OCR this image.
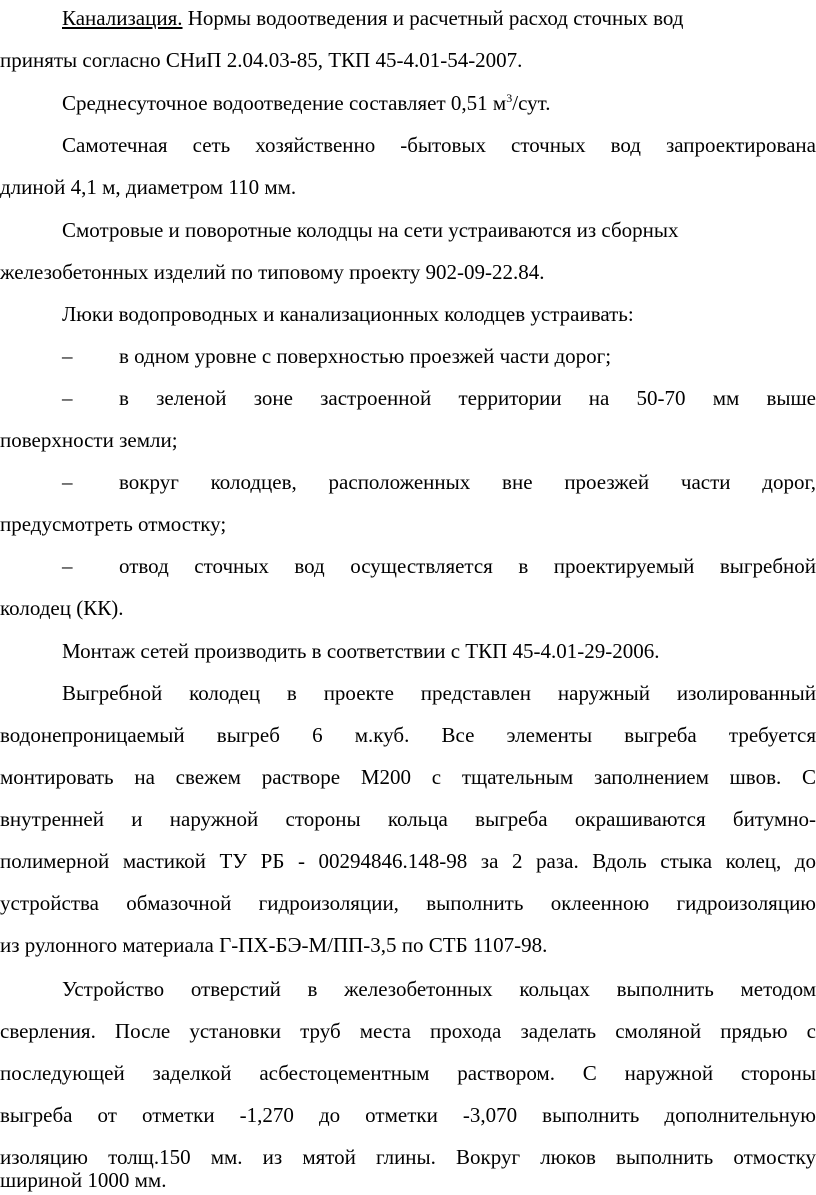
Канализация. Нормы водоотведения и расчетный расход сточных вод
приняты согласно СНиП 2.04.03-85, ТКП 45-4.01-54-2007.
Среднесуточное водоотведение составляет 0,51 $м^3$/сут.
Самотечная сеть хозяйственно -бытовых сточных вод запроектирована
длиной 4,1 м, диаметром 110 мм.
Смотровые и поворотные колодцы на сети устраиваются из сборных
железобетонных изделий по типовому проекту 902-09-22.84.
Люки водопроводных и канализационных колодцев устраивать:
–	в одном уровне с поверхностью проезжей части дорог;
–	в зеленой зоне застроенной территории на 50-70 мм выше
поверхности земли;
–	вокруг колодцев, расположенных вне проезжей части дорог,
предусмотреть отмостку;
–	отвод сточных вод осуществляется в проектируемый выгребной
колодец (КК).
Монтаж сетей производить в соответствии с ТКП 45-4.01-29-2006.
Выгребной колодец в проекте представлен наружный изолированный
водонепроницаемый выгреб 6 м.куб. Все элементы выгреба требуется
монтировать на свежем растворе М200 с тщательным заполнением швов. С
внутренней и наружной стороны кольца выгреба окрашиваются битумно-
полимерной мастикой ТУ РБ - 00294846.148-98 за 2 раза. Вдоль стыка колец, до
устройства обмазочной гидроизоляции, выполнить оклеенною гидроизоляцию
из рулонного материала Г-ПХ-БЭ-М/ПП-3,5 по СТБ 1107-98.
Устройство отверстий в железобетонных кольцах выполнить методом
сверления. После установки труб места прохода заделать смоляной прядью с
последующей заделкой асбестоцементным раствором. С наружной стороны
выгреба от отметки -1,270 до отметки -3,070 выполнить дополнительную
изоляцию толщ.150 мм. из мятой глины. Вокруг люков выполнить отмостку
шириной 1000 мм.
